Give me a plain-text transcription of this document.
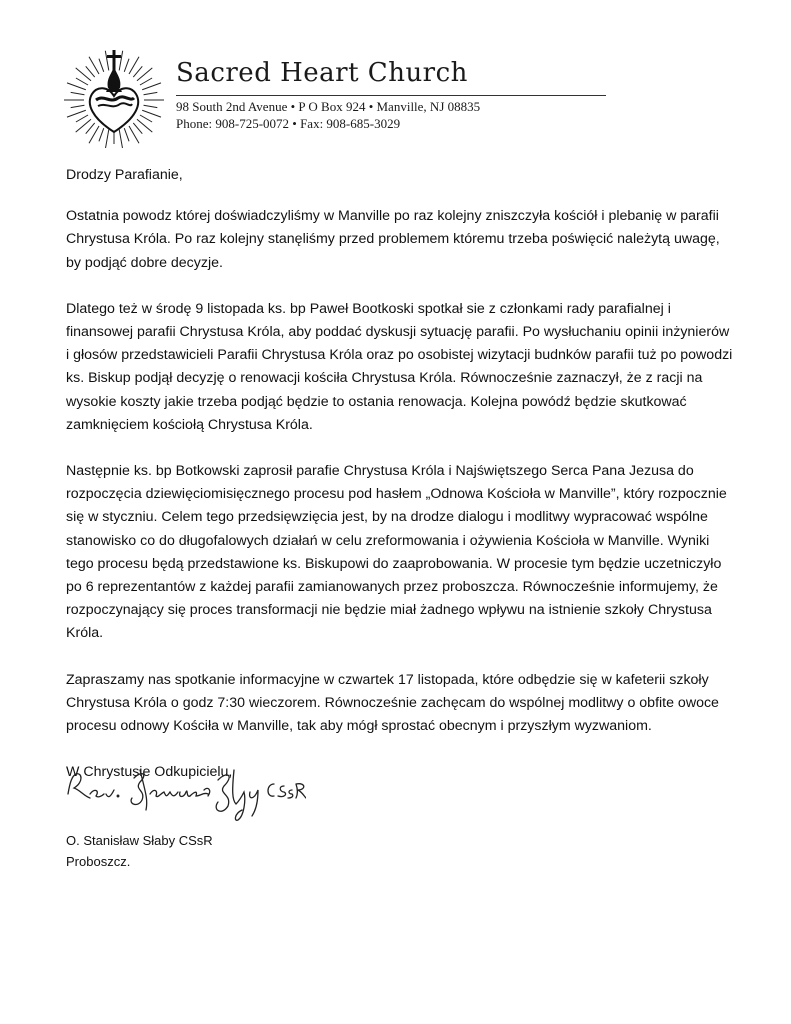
Sacred Heart Church
98 South 2nd Avenue • P O Box 924 • Manville, NJ 08835
Phone: 908-725-0072 • Fax: 908-685-3029

Drodzy Parafianie,

Ostatnia powodz której doświadczyliśmy w Manville po raz kolejny zniszczyła kościół i plebanię w parafii Chrystusa Króla. Po raz kolejny stanęliśmy przed problemem któremu trzeba poświęcić należytą uwagę, by podjąć dobre decyzje.

Dlatego też w środę 9 listopada ks. bp Paweł Bootkoski spotkał sie z członkami rady parafialnej i finansowej parafii Chrystusa Króla, aby poddać dyskusji sytuację parafii. Po wysłuchaniu opinii inżynierów i głosów przedstawicieli Parafii Chrystusa Króla oraz po osobistej wizytacji budnków parafii tuż po powodzi ks. Biskup podjął decyzję o renowacji kościła Chrystusa Króla. Równocześnie zaznaczył, że z racji na wysokie koszty jakie trzeba podjąć będzie to ostania renowacja. Kolejna powódź będzie skutkować zamknięciem kościołą Chrystusa Króla.

Następnie ks. bp Botkowski zaprosił parafie Chrystusa Króla i Najświętszego Serca Pana Jezusa do rozpoczęcia dziewięciomisięcznego procesu pod hasłem „Odnowa Kościoła w Manville”, który rozpocznie się w styczniu. Celem tego przedsięwzięcia jest, by na drodze dialogu i modlitwy wypracować wspólne stanowisko co do długofalowych działań w celu zreformowania i ożywienia Kościoła w Manville. Wyniki tego procesu będą przedstawione ks. Biskupowi do zaaprobowania. W procesie tym będzie uczetniczyło po 6 reprezentantów z każdej parafii zamianowanych przez proboszcza. Równocześnie informujemy, że rozpoczynający się proces transformacji nie będzie miał żadnego wpływu na istnienie szkoły Chrystusa Króla.

Zapraszamy nas spotkanie informacyjne w czwartek 17 listopada, które odbędzie się w kafeterii szkoły Chrystusa Króla o godz 7:30 wieczorem. Równocześnie zachęcam do wspólnej modlitwy o obfite owoce procesu odnowy Kościła w Manville, tak aby mógł sprostać obecnym i przyszłym wyzwaniom.

W Chrystusie Odkupicielu,

O. Stanisław Słaby CSsR
Proboszcz.
